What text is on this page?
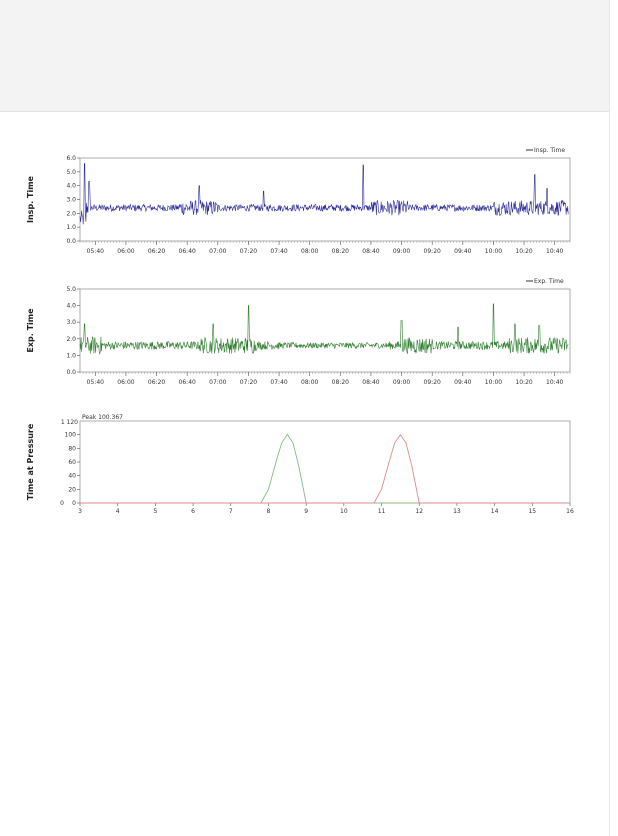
Insp. Time
6.0
5.0
4.0
3.0
2.0
1.0
0.0
05:40 06:00 06:20 06:40 07:00 07:20 07:40 08:00 08:20 08:40 09:00 09:20 09:40 10:00 10:20 10:40
Insp. Time
Exp. Time
5.0
4.0
3.0
2.0
1.0
0.0
05:40 06:00 06:20 06:40 07:00 07:20 07:40 08:00 08:20 08:40 09:00 09:20 09:40 10:00 10:20 10:40
Exp. Time
Time at Pressure
1 120
Peak 100.367
100
80
60
40
20
0
0
3	4	5	6	7	8	9	10	11	12	13	14	15	16
